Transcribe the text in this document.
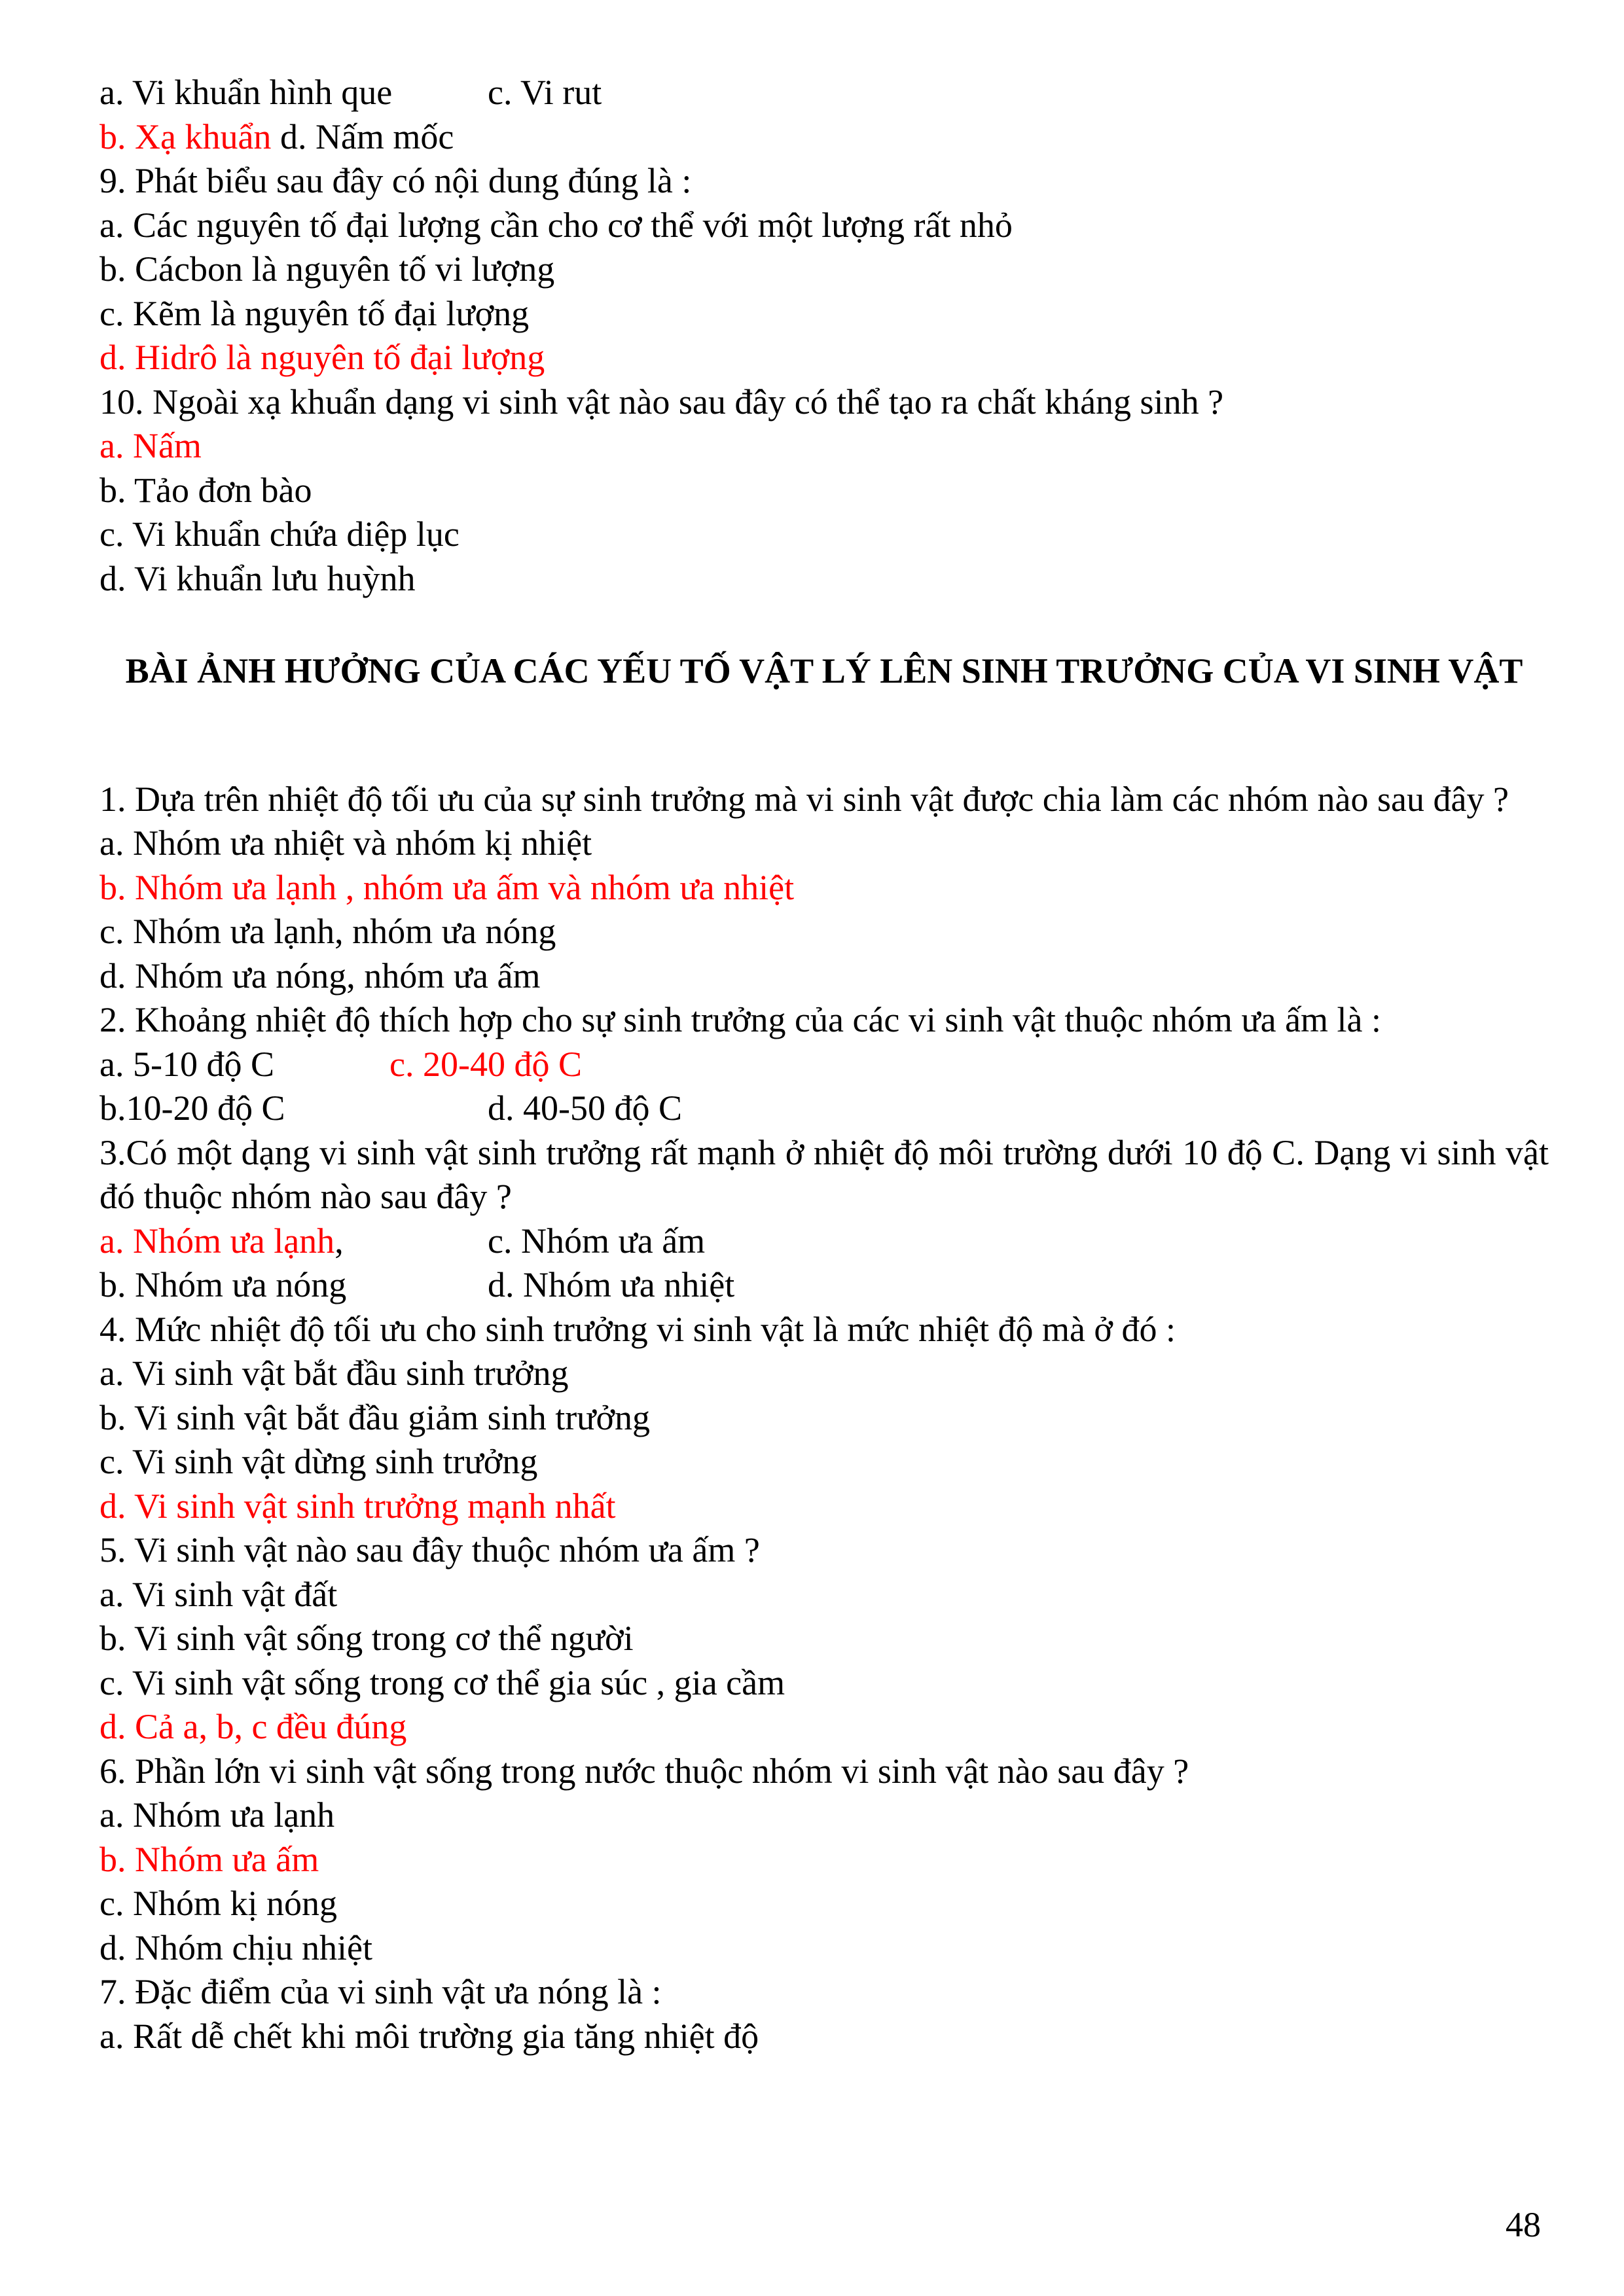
a. Vi khuẩn hình que	c. Vi rut
b. Xạ khuẩn d. Nấm mốc
9. Phát biểu sau đây có nội dung đúng là :
a. Các nguyên tố đại lượng cần cho cơ thể với một lượng rất nhỏ
b. Cácbon là nguyên tố vi lượng
c. Kẽm là nguyên tố đại lượng
d. Hidrô là nguyên tố đại lượng
10. Ngoài xạ khuẩn dạng vi sinh vật nào sau đây có thể tạo ra chất kháng sinh ?
a. Nấm
b. Tảo đơn bào
c. Vi khuẩn chứa diệp lục
d. Vi khuẩn lưu huỳnh
BÀI ẢNH HƯỞNG CỦA CÁC YẾU TỐ VẬT LÝ LÊN SINH TRƯỞNG CỦA VI SINH VẬT
1. Dựa trên nhiệt độ tối ưu của sự sinh trưởng mà vi sinh vật được chia làm các nhóm nào sau đây ?
a. Nhóm ưa nhiệt và nhóm kị nhiệt
b. Nhóm ưa lạnh , nhóm ưa ấm và nhóm ưa nhiệt
c. Nhóm ưa lạnh, nhóm ưa nóng
d. Nhóm ưa nóng, nhóm ưa ấm
2. Khoảng nhiệt độ thích hợp cho sự sinh trưởng của các vi sinh vật thuộc nhóm ưa ấm là :
a. 5-10 độ C	c. 20-40 độ C
b.10-20 độ C	d. 40-50 độ C
3.Có một dạng vi sinh vật sinh trưởng rất mạnh ở nhiệt độ môi trường dưới 10 độ C. Dạng vi sinh vật đó thuộc nhóm nào sau đây ?
a. Nhóm ưa lạnh,	c. Nhóm ưa ấm
b. Nhóm ưa nóng	d. Nhóm ưa nhiệt
4. Mức nhiệt độ tối ưu cho sinh trưởng vi sinh vật là mức nhiệt độ mà ở đó :
a. Vi sinh vật bắt đầu sinh trưởng
b. Vi sinh vật bắt đầu giảm sinh trưởng
c. Vi sinh vật dừng sinh trưởng
d. Vi sinh vật sinh trưởng mạnh nhất
5. Vi sinh vật nào sau đây thuộc nhóm ưa ấm ?
a. Vi sinh vật đất
b. Vi sinh vật sống trong cơ thể người
c. Vi sinh vật sống trong cơ thể gia súc , gia cầm
d. Cả a, b, c đều đúng
6. Phần lớn vi sinh vật sống trong nước thuộc nhóm vi sinh vật nào sau đây ?
a. Nhóm ưa lạnh
b. Nhóm ưa ấm
c. Nhóm kị nóng
d. Nhóm chịu nhiệt
7. Đặc điểm của vi sinh vật ưa nóng là :
a. Rất dễ chết khi môi trường gia tăng nhiệt độ
48
